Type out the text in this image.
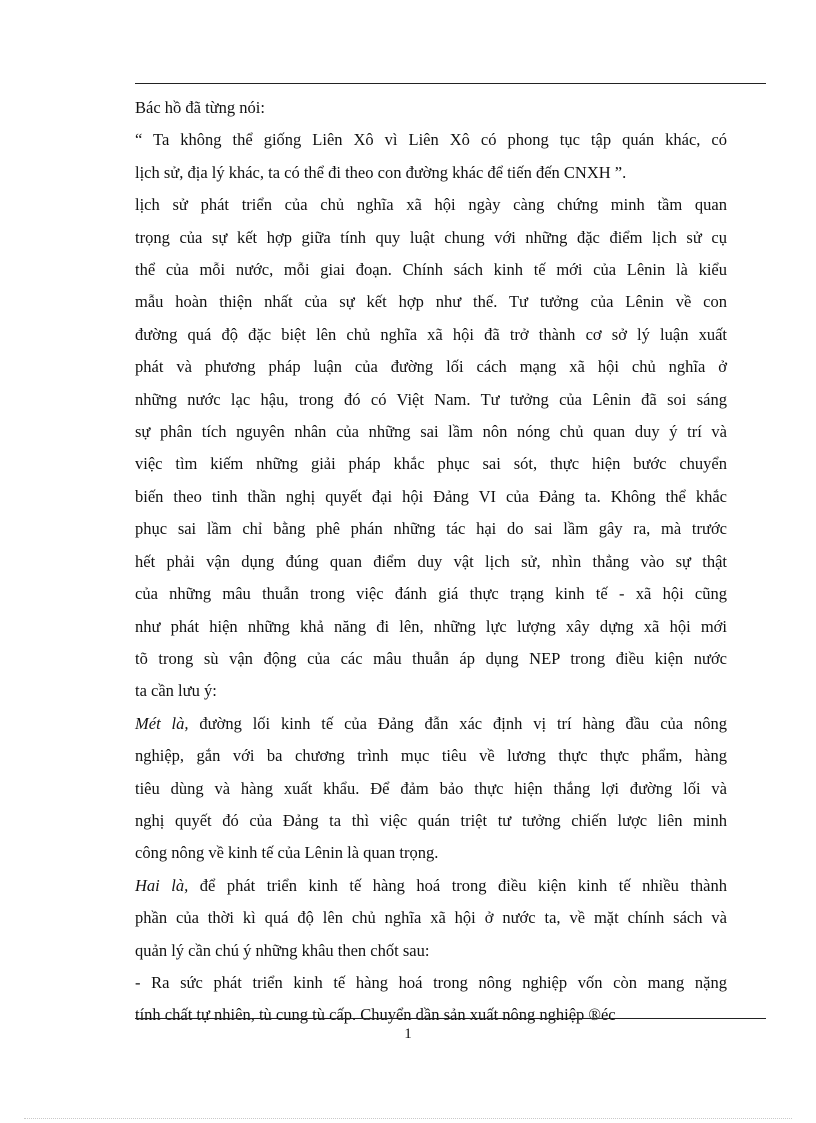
Bác hồ đã từng nói:
“ Ta không thể giống Liên Xô vì Liên Xô có phong tục tập quán khác, có
lịch sử, địa lý khác, ta có thể đi theo con đường khác để tiến đến CNXH ”.
lịch sử phát triển của chủ nghĩa xã hội ngày càng chứng minh tầm quan
trọng của sự kết hợp giữa tính quy luật chung với những đặc điểm lịch sử cụ
thể của mỗi nước, mỗi giai đoạn. Chính sách kinh tế mới của Lênin là kiểu
mẫu hoàn thiện nhất của sự kết hợp như thế. Tư tưởng của Lênin về con
đường quá độ đặc biệt lên chủ nghĩa xã hội đã trở thành cơ sở lý luận xuất
phát và phương pháp luận của đường lối cách mạng xã hội chủ nghĩa ở
những nước lạc hậu, trong đó có Việt Nam. Tư tưởng của Lênin đã soi sáng
sự phân tích nguyên nhân của những sai lầm nôn nóng chủ quan duy ý trí và
việc tìm kiếm những giải pháp khắc phục sai sót, thực hiện bước chuyển
biến theo tinh thần nghị quyết đại hội Đảng VI của Đảng ta. Không thể khắc
phục sai lầm chỉ bằng phê phán những tác hại do sai lầm gây ra, mà trước
hết phải vận dụng đúng quan điểm duy vật lịch sử, nhìn thẳng vào sự thật
của những mâu thuẫn trong việc đánh giá thực trạng kinh tế - xã hội cũng
như phát hiện những khả năng đi lên, những lực lượng xây dựng xã hội mới
tõ trong sù vận động của các mâu thuẫn áp dụng NEP trong điều kiện nước
ta cần lưu ý:
Mét là, đường lối kinh tế của Đảng đẫn xác định vị trí hàng đầu của nông
nghiệp, gắn với ba chương trình mục tiêu về lương thực thực phẩm, hàng
tiêu dùng và hàng xuất khẩu. Để đảm bảo thực hiện thắng lợi đường lối và
nghị quyết đó của Đảng ta thì việc quán triệt tư tưởng chiến lược liên minh
công nông về kinh tế của Lênin là quan trọng.
Hai là, để phát triển kinh tế hàng hoá trong điều kiện kinh tế nhiều thành
phần của thời kì quá độ lên chủ nghĩa xã hội ở nước ta, về mặt chính sách và
quản lý cần chú ý những khâu then chốt sau:
- Ra sức phát triển kinh tế hàng hoá trong nông nghiệp vốn còn mang nặng
tính chất tự nhiên, tù cung tù cấp. Chuyển dần sản xuất nông nghiệp ®éc
1
